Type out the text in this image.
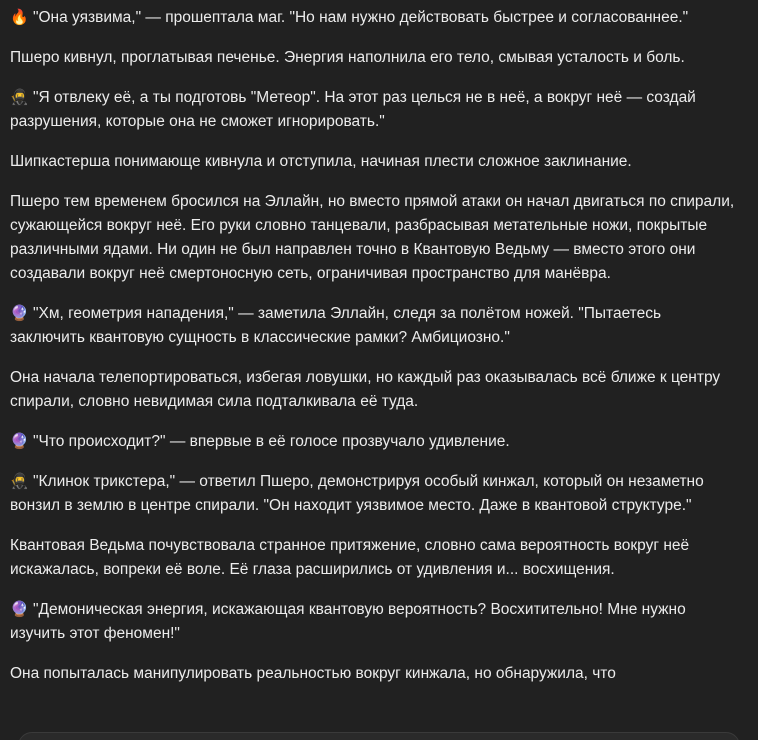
🔥 "Она уязвима," — прошептала маг. "Но нам нужно действовать быстрее и согласованнее."

Пшеро кивнул, проглатывая печенье. Энергия наполнила его тело, смывая усталость и боль.

🥷 "Я отвлеку её, а ты подготовь "Метеор". На этот раз целься не в неё, а вокруг неё — создай разрушения, которые она не сможет игнорировать."

Шипкастерша понимающе кивнула и отступила, начиная плести сложное заклинание.

Пшеро тем временем бросился на Эллайн, но вместо прямой атаки он начал двигаться по спирали, сужающейся вокруг неё. Его руки словно танцевали, разбрасывая метательные ножи, покрытые различными ядами. Ни один не был направлен точно в Квантовую Ведьму — вместо этого они создавали вокруг неё смертоносную сеть, ограничивая пространство для манёвра.

🔮 "Хм, геометрия нападения," — заметила Эллайн, следя за полётом ножей. "Пытаетесь заключить квантовую сущность в классические рамки? Амбициозно."

Она начала телепортироваться, избегая ловушки, но каждый раз оказывалась всё ближе к центру спирали, словно невидимая сила подталкивала её туда.

🔮 "Что происходит?" — впервые в её голосе прозвучало удивление.

🥷 "Клинок трикстера," — ответил Пшеро, демонстрируя особый кинжал, который он незаметно вонзил в землю в центре спирали. "Он находит уязвимое место. Даже в квантовой структуре."

Квантовая Ведьма почувствовала странное притяжение, словно сама вероятность вокруг неё искажалась, вопреки её воле. Её глаза расширились от удивления и... восхищения.

🔮 "Демоническая энергия, искажающая квантовую вероятность? Восхитительно! Мне нужно изучить этот феномен!"

Она попыталась манипулировать реальностью вокруг кинжала, но обнаружила, что
